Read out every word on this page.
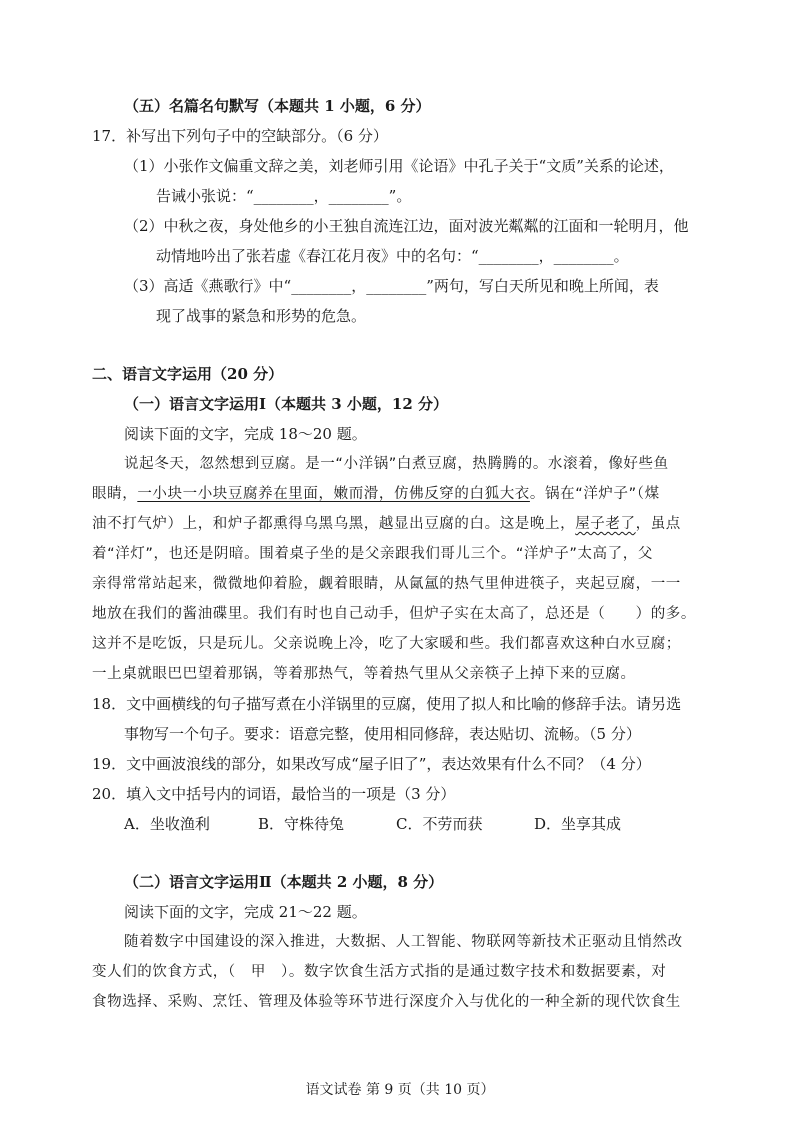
（五）名篇名句默写（本题共 1 小题，6 分）
17．补写出下列句子中的空缺部分。（6 分）
（1）小张作文偏重文辞之美，刘老师引用《论语》中孔子关于“文质”关系的论述，
告诫小张说：“________，________”。
（2）中秋之夜，身处他乡的小王独自流连江边，面对波光粼粼的江面和一轮明月，他
动情地吟出了张若虚《春江花月夜》中的名句：“________，________。
（3）高适《燕歌行》中“________，________”两句，写白天所见和晚上所闻，表
现了战事的紧急和形势的危急。
二、语言文字运用（20 分）
（一）语言文字运用Ⅰ（本题共 3 小题，12 分）
阅读下面的文字，完成 18～20 题。
说起冬天，忽然想到豆腐。是一“小洋锅”白煮豆腐，热腾腾的。水滚着，像好些鱼
眼睛，一小块一小块豆腐养在里面，嫩而滑，仿佛反穿的白狐大衣。锅在“洋炉子”（煤
油不打气炉）上，和炉子都熏得乌黑乌黑，越显出豆腐的白。这是晚上，屋子老了，虽点
着“洋灯”，也还是阴暗。围着桌子坐的是父亲跟我们哥儿三个。“洋炉子”太高了，父
亲得常常站起来，微微地仰着脸，觑着眼睛，从氤氲的热气里伸进筷子，夹起豆腐，一一
地放在我们的酱油碟里。我们有时也自己动手，但炉子实在太高了，总还是（　　）的多。
这并不是吃饭，只是玩儿。父亲说晚上冷，吃了大家暖和些。我们都喜欢这种白水豆腐；
一上桌就眼巴巴望着那锅，等着那热气，等着热气里从父亲筷子上掉下来的豆腐。
18．文中画横线的句子描写煮在小洋锅里的豆腐，使用了拟人和比喻的修辞手法。请另选
事物写一个句子。要求：语意完整，使用相同修辞，表达贴切、流畅。（5 分）
19．文中画波浪线的部分，如果改写成“屋子旧了”，表达效果有什么不同？（4 分）
20．填入文中括号内的词语，最恰当的一项是（3 分）
A．坐收渔利	B．守株待兔	C．不劳而获	D．坐享其成
（二）语言文字运用Ⅱ（本题共 2 小题，8 分）
阅读下面的文字，完成 21～22 题。
随着数字中国建设的深入推进，大数据、人工智能、物联网等新技术正驱动且悄然改
变人们的饮食方式，（　甲　）。数字饮食生活方式指的是通过数字技术和数据要素，对
食物选择、采购、烹饪、管理及体验等环节进行深度介入与优化的一种全新的现代饮食生
语文试卷 第 9 页（共 10 页）
